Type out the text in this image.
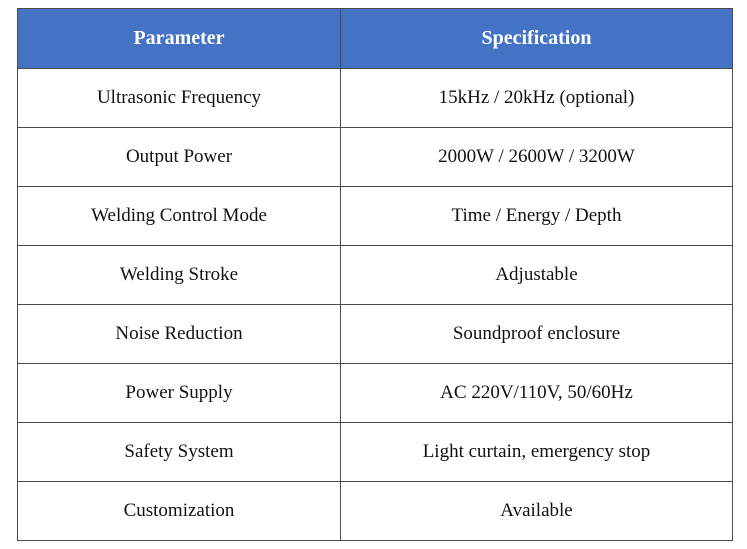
Parameter	Specification
Ultrasonic Frequency	15kHz / 20kHz (optional)
Output Power	2000W / 2600W / 3200W
Welding Control Mode	Time / Energy / Depth
Welding Stroke	Adjustable
Noise Reduction	Soundproof enclosure
Power Supply	AC 220V/110V, 50/60Hz
Safety System	Light curtain, emergency stop
Customization	Available
